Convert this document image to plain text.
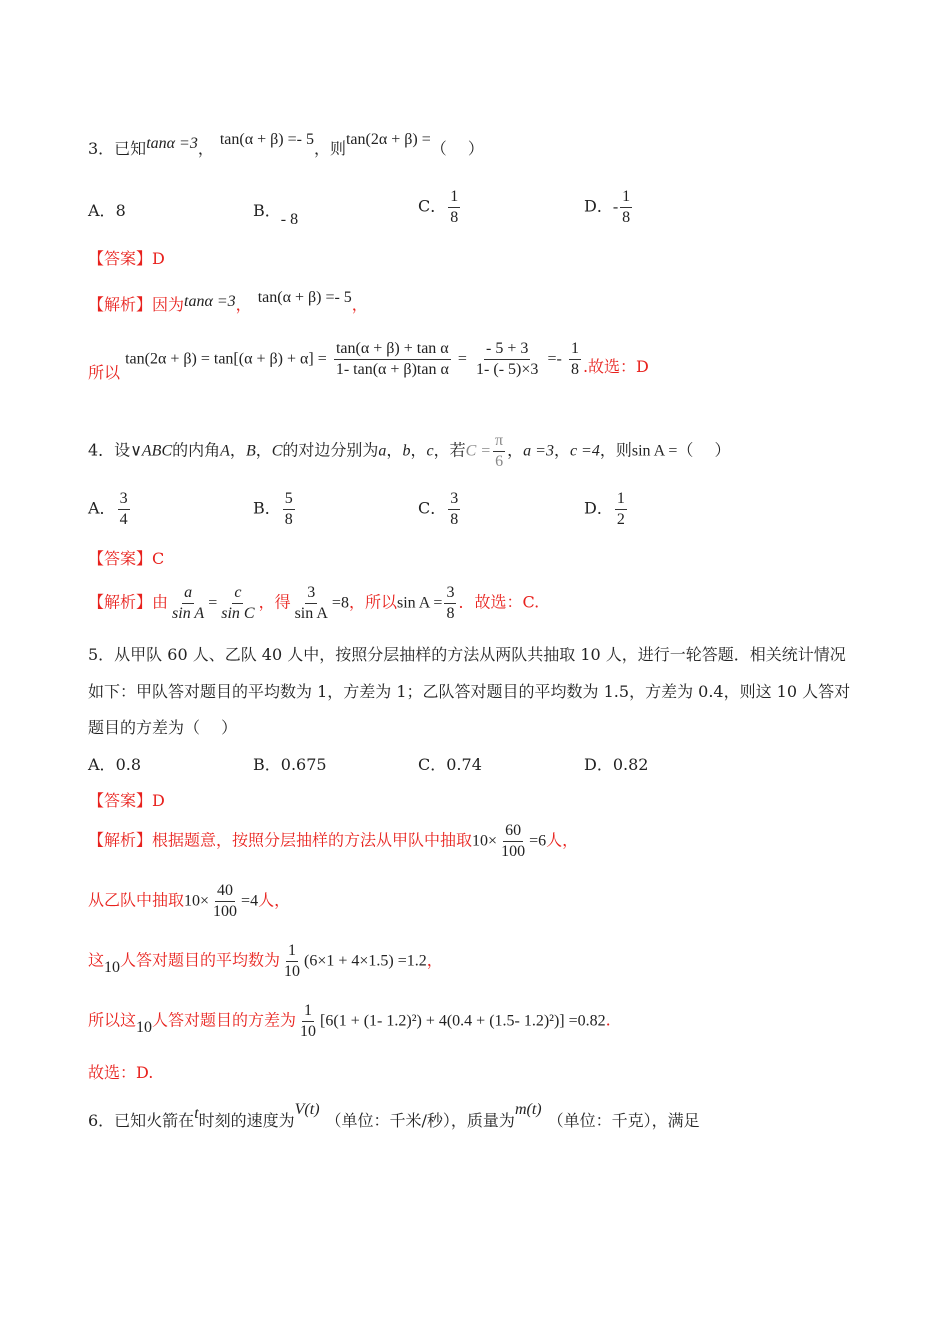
3．已知tanα =3， tan(α + β) =- 5，则tan(2α + β) =（　 ）
A．8	B．- 8
C． $\frac{1}{8}$	D．- $\frac{1}{8}$
【答案】D
【解析】因为tanα =3， tan(α + β) =- 5，
所以 $\tan(2\alpha + \beta) = \tan[(\alpha + \beta) + \alpha] = \frac{\text{tan(α + β) + tan α}}{\text{1- tan(α + β)tan α}} = \frac{- 5 + 3}{1- (- 5)\times 3} =- \frac{1}{8}$ .故选：D
4．设∨ABC的内角A，B，C的对边分别为a，b，c，若$C = \frac{\pi}{6}$ ，a =3，c =4，则sin A =（　 ）
A． $\frac{3}{4}$	B． $\frac{5}{8}$	C． $\frac{3}{8}$	D． $\frac{1}{2}$
【答案】C
【解析】由 $\frac{a}{\text{sin A}} = \frac{c}{\text{sin C}}$ ，得 $\frac{3}{\text{sin A}} =8$，所以$\sin A = \frac{3}{8}$ ．故选：C.
5．从甲队 60 人、乙队 40 人中，按照分层抽样的方法从两队共抽取 10 人，进行一轮答题．相关统计情况
如下：甲队答对题目的平均数为 1，方差为 1；乙队答对题目的平均数为 1.5，方差为 0.4，则这 10 人答对
题目的方差为（　 ）
A．0.8	B．0.675	C．0.74	D．0.82
【答案】D
【解析】根据题意，按照分层抽样的方法从甲队中抽取$10\times \frac{60}{100} =6$人，
从乙队中抽取$10\times \frac{40}{100} =4$人，
这10人答对题目的平均数为 $\frac{1}{10} (6\times 1 + 4\times 1.5) =1.2$，
所以这10人答对题目的方差为 $\frac{1}{10} [6(1 + (1-$ 1.2)²) + 4(0.4 + (1.5- 1.2)²)] =0.82.
故选：D.
6．已知火箭在t时刻的速度为V(t)（单位：千米/秒），质量为m(t)（单位：千克），满足
